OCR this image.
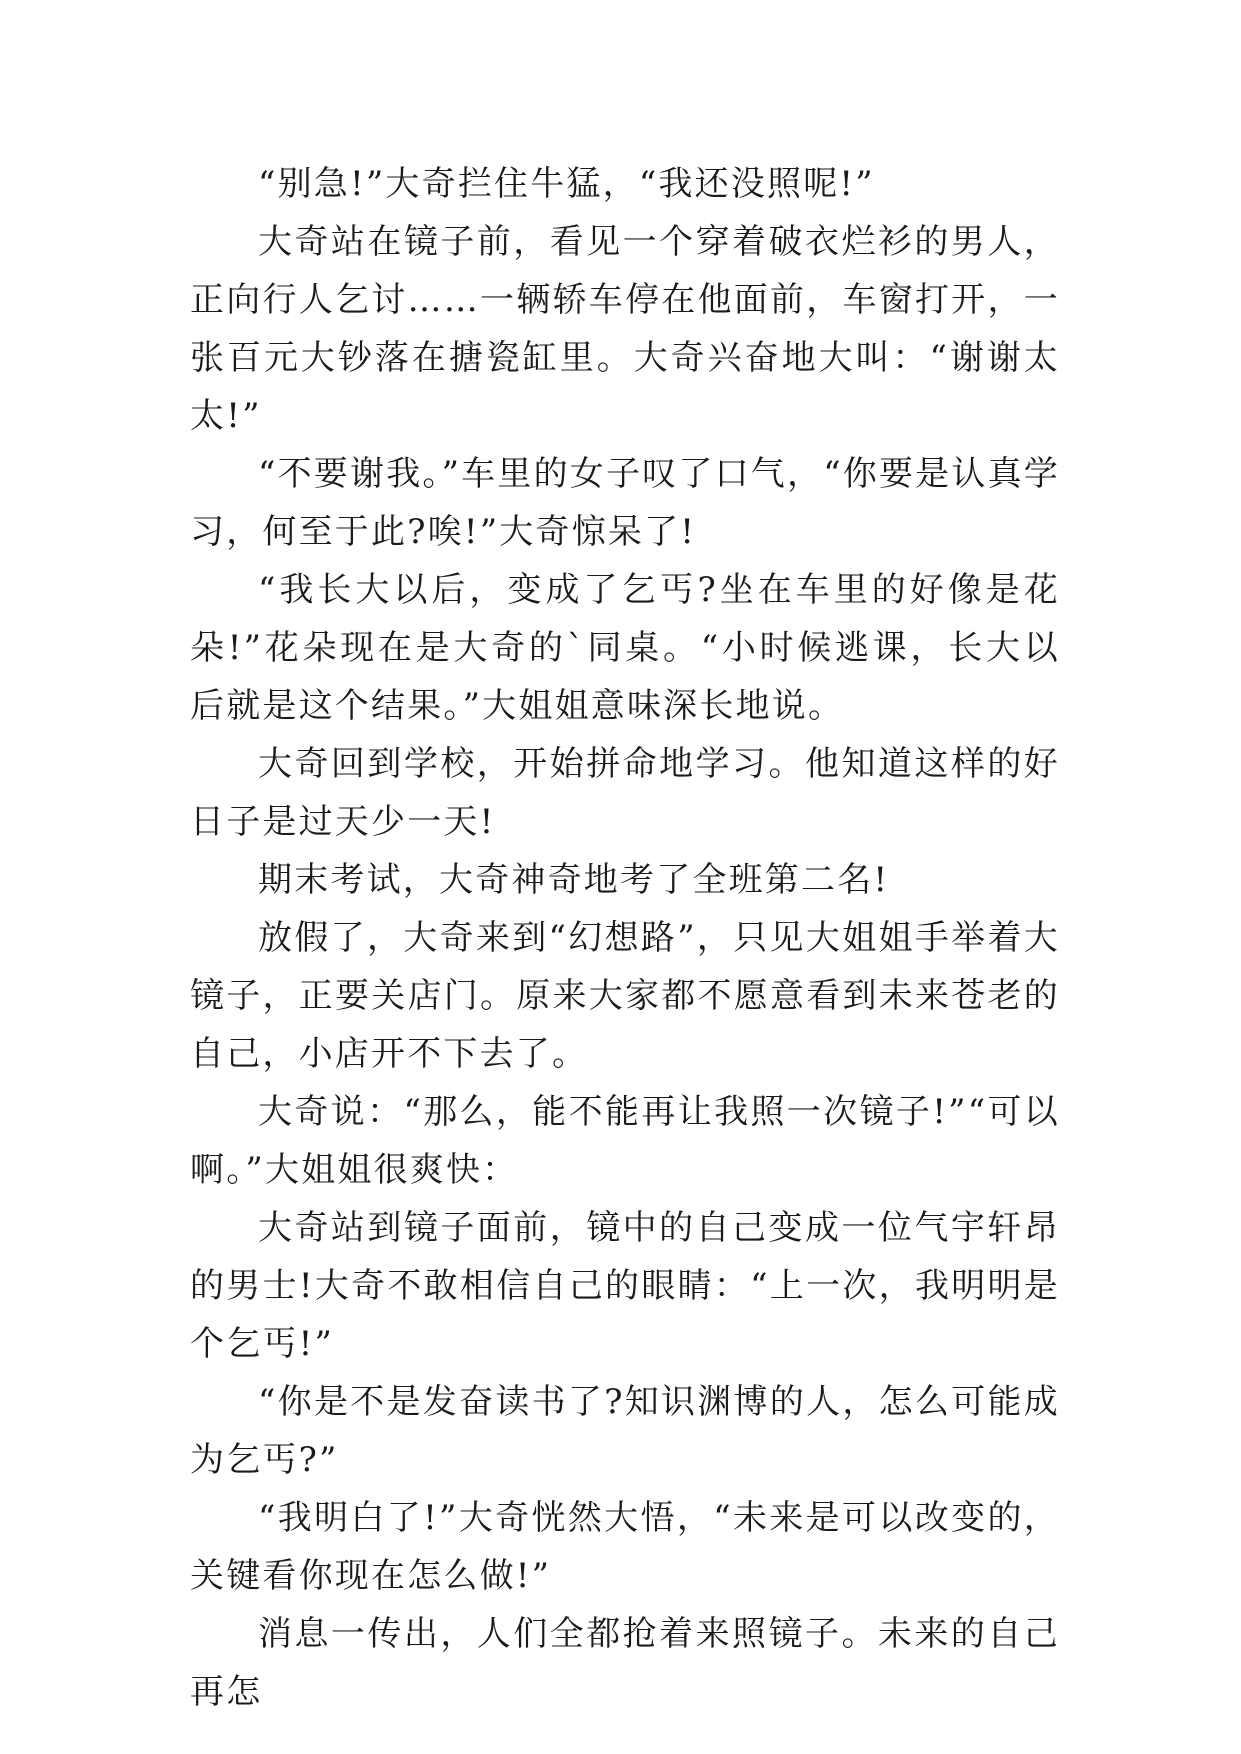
“别急!”大奇拦住牛猛，“我还没照呢!”

大奇站在镜子前，看见一个穿着破衣烂衫的男人，正向行人乞讨……一辆轿车停在他面前，车窗打开，一张百元大钞落在搪瓷缸里。大奇兴奋地大叫：“谢谢太太!”

“不要谢我。”车里的女子叹了口气，“你要是认真学习，何至于此?唉!”大奇惊呆了!

“我长大以后，变成了乞丐?坐在车里的好像是花朵!”花朵现在是大奇的`同桌。“小时候逃课，长大以后就是这个结果。”大姐姐意味深长地说。

大奇回到学校，开始拼命地学习。他知道这样的好日子是过天少一天!

期末考试，大奇神奇地考了全班第二名!

放假了，大奇来到“幻想路”，只见大姐姐手举着大镜子，正要关店门。原来大家都不愿意看到未来苍老的自己，小店开不下去了。

大奇说：“那么，能不能再让我照一次镜子!”“可以啊。”大姐姐很爽快：

大奇站到镜子面前，镜中的自己变成一位气宇轩昂的男士!大奇不敢相信自己的眼睛：“上一次，我明明是个乞丐!”

“你是不是发奋读书了?知识渊博的人，怎么可能成为乞丐?”

“我明白了!”大奇恍然大悟，“未来是可以改变的，关键看你现在怎么做!”

消息一传出，人们全都抢着来照镜子。未来的自己再怎
